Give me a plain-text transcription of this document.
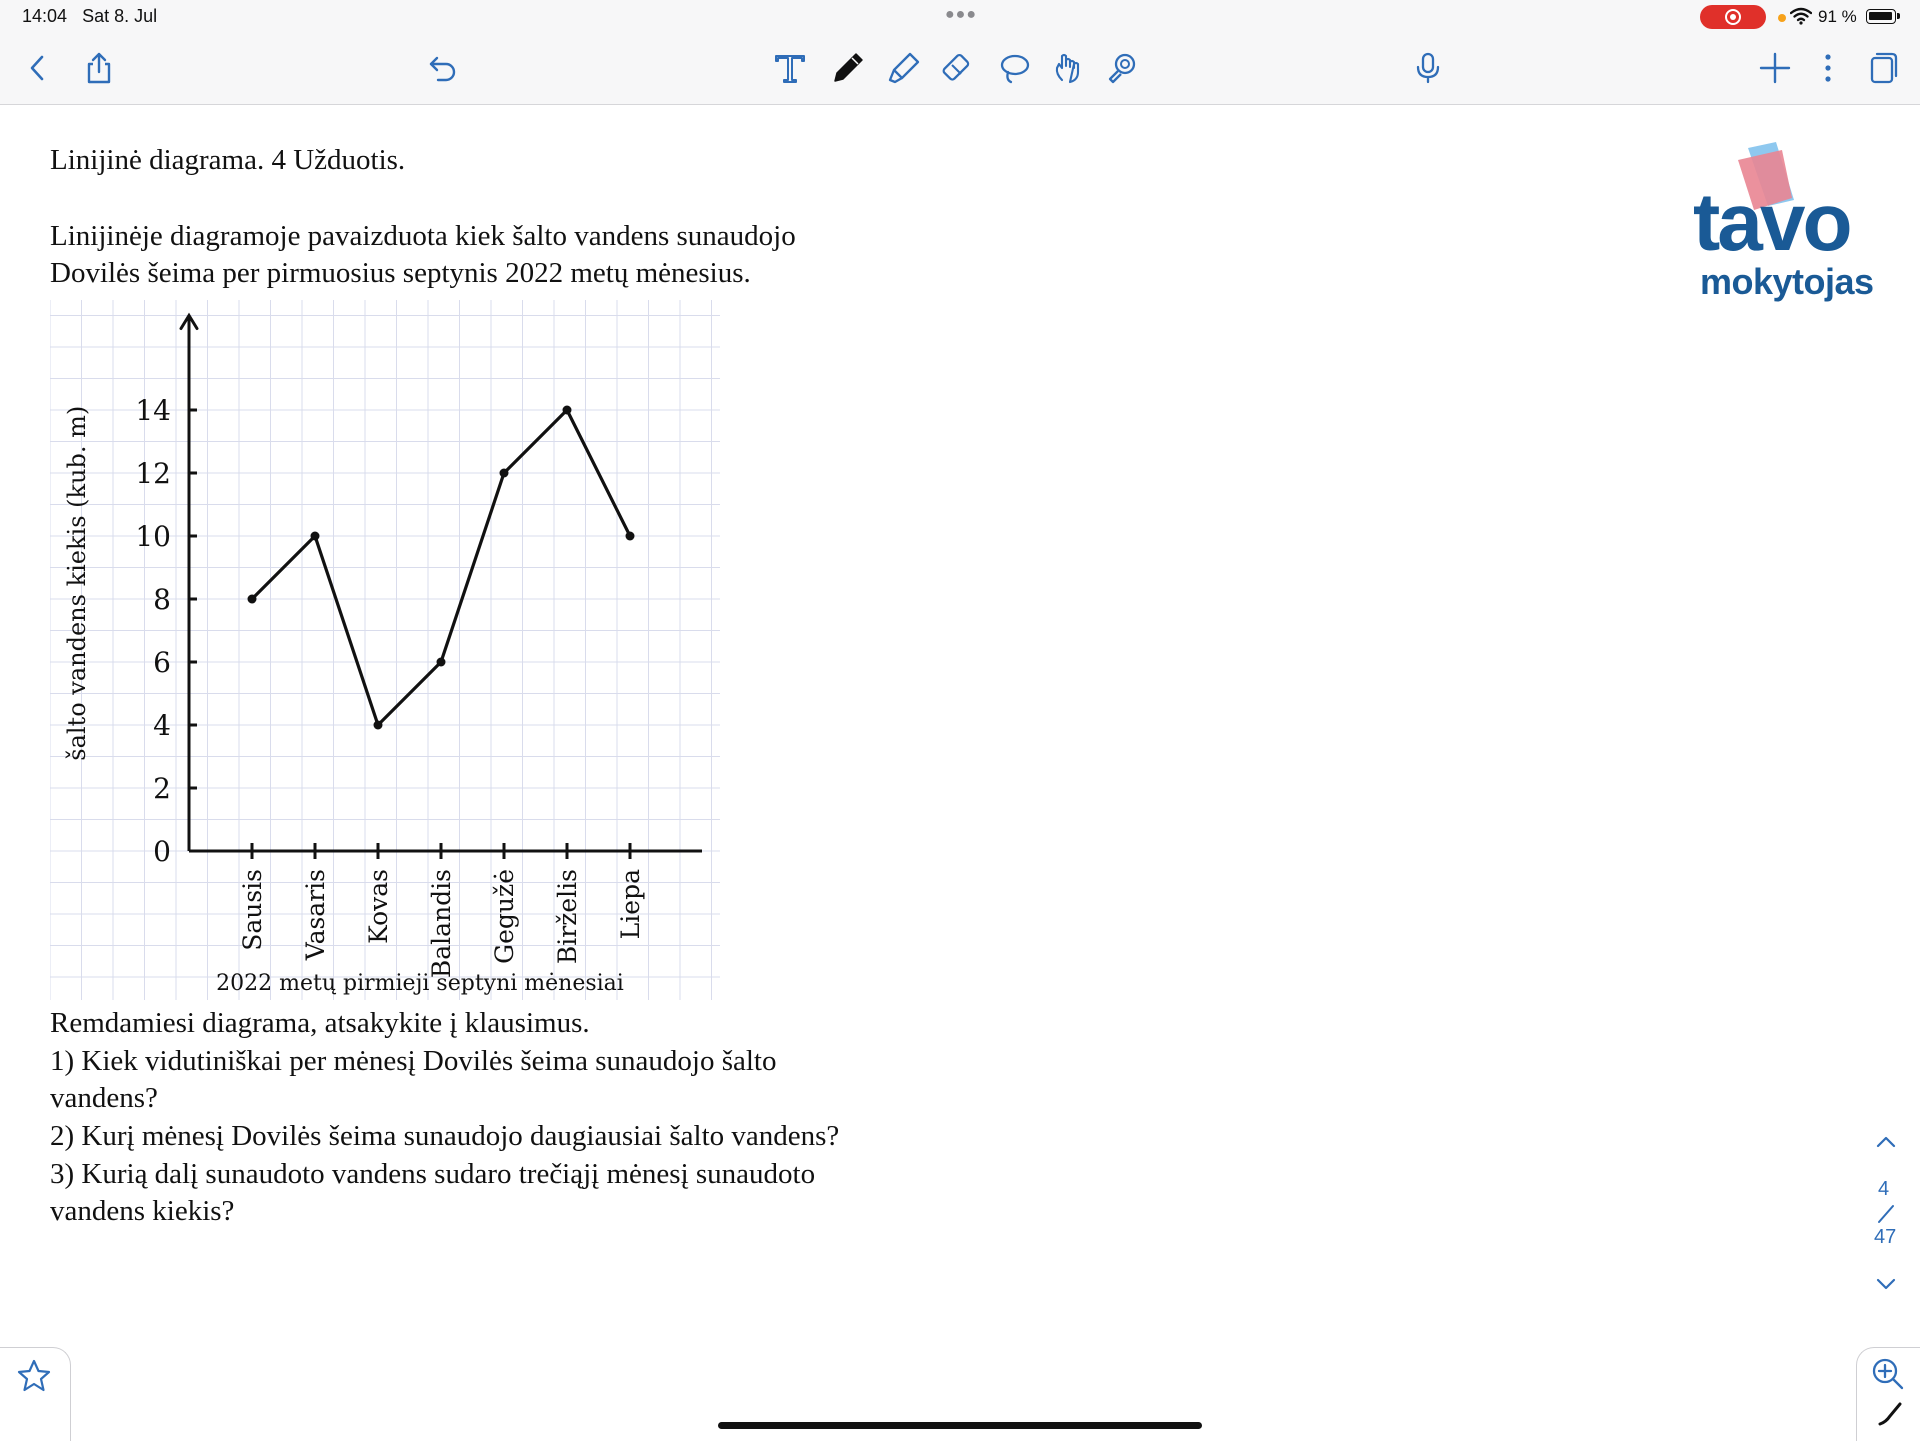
14:04 Sat 8. Jul	●●●	91 %
Linijinė diagrama. 4 Užduotis.
Linijinėje diagramoje pavaizduota kiek šalto vandens sunaudojo
Dovilės šeima per pirmuosius septynis 2022 metų mėnesius.
tavo
mokytojas
0
2
4
6
8
10
12
14
Sausis Vasaris Kovas Balandis Gegužė Birželis Liepa
šalto vandens kiekis (kub. m)
2022 metų pirmieji septyni mėnesiai
Remdamiesi diagrama, atsakykite į klausimus.
1) Kiek vidutiniškai per mėnesį Dovilės šeima sunaudojo šalto
vandens?
2) Kurį mėnesį Dovilės šeima sunaudojo daugiausiai šalto vandens?
3) Kurią dalį sunaudoto vandens sudaro trečiąjį mėnesį sunaudoto
vandens kiekis?
4
47
